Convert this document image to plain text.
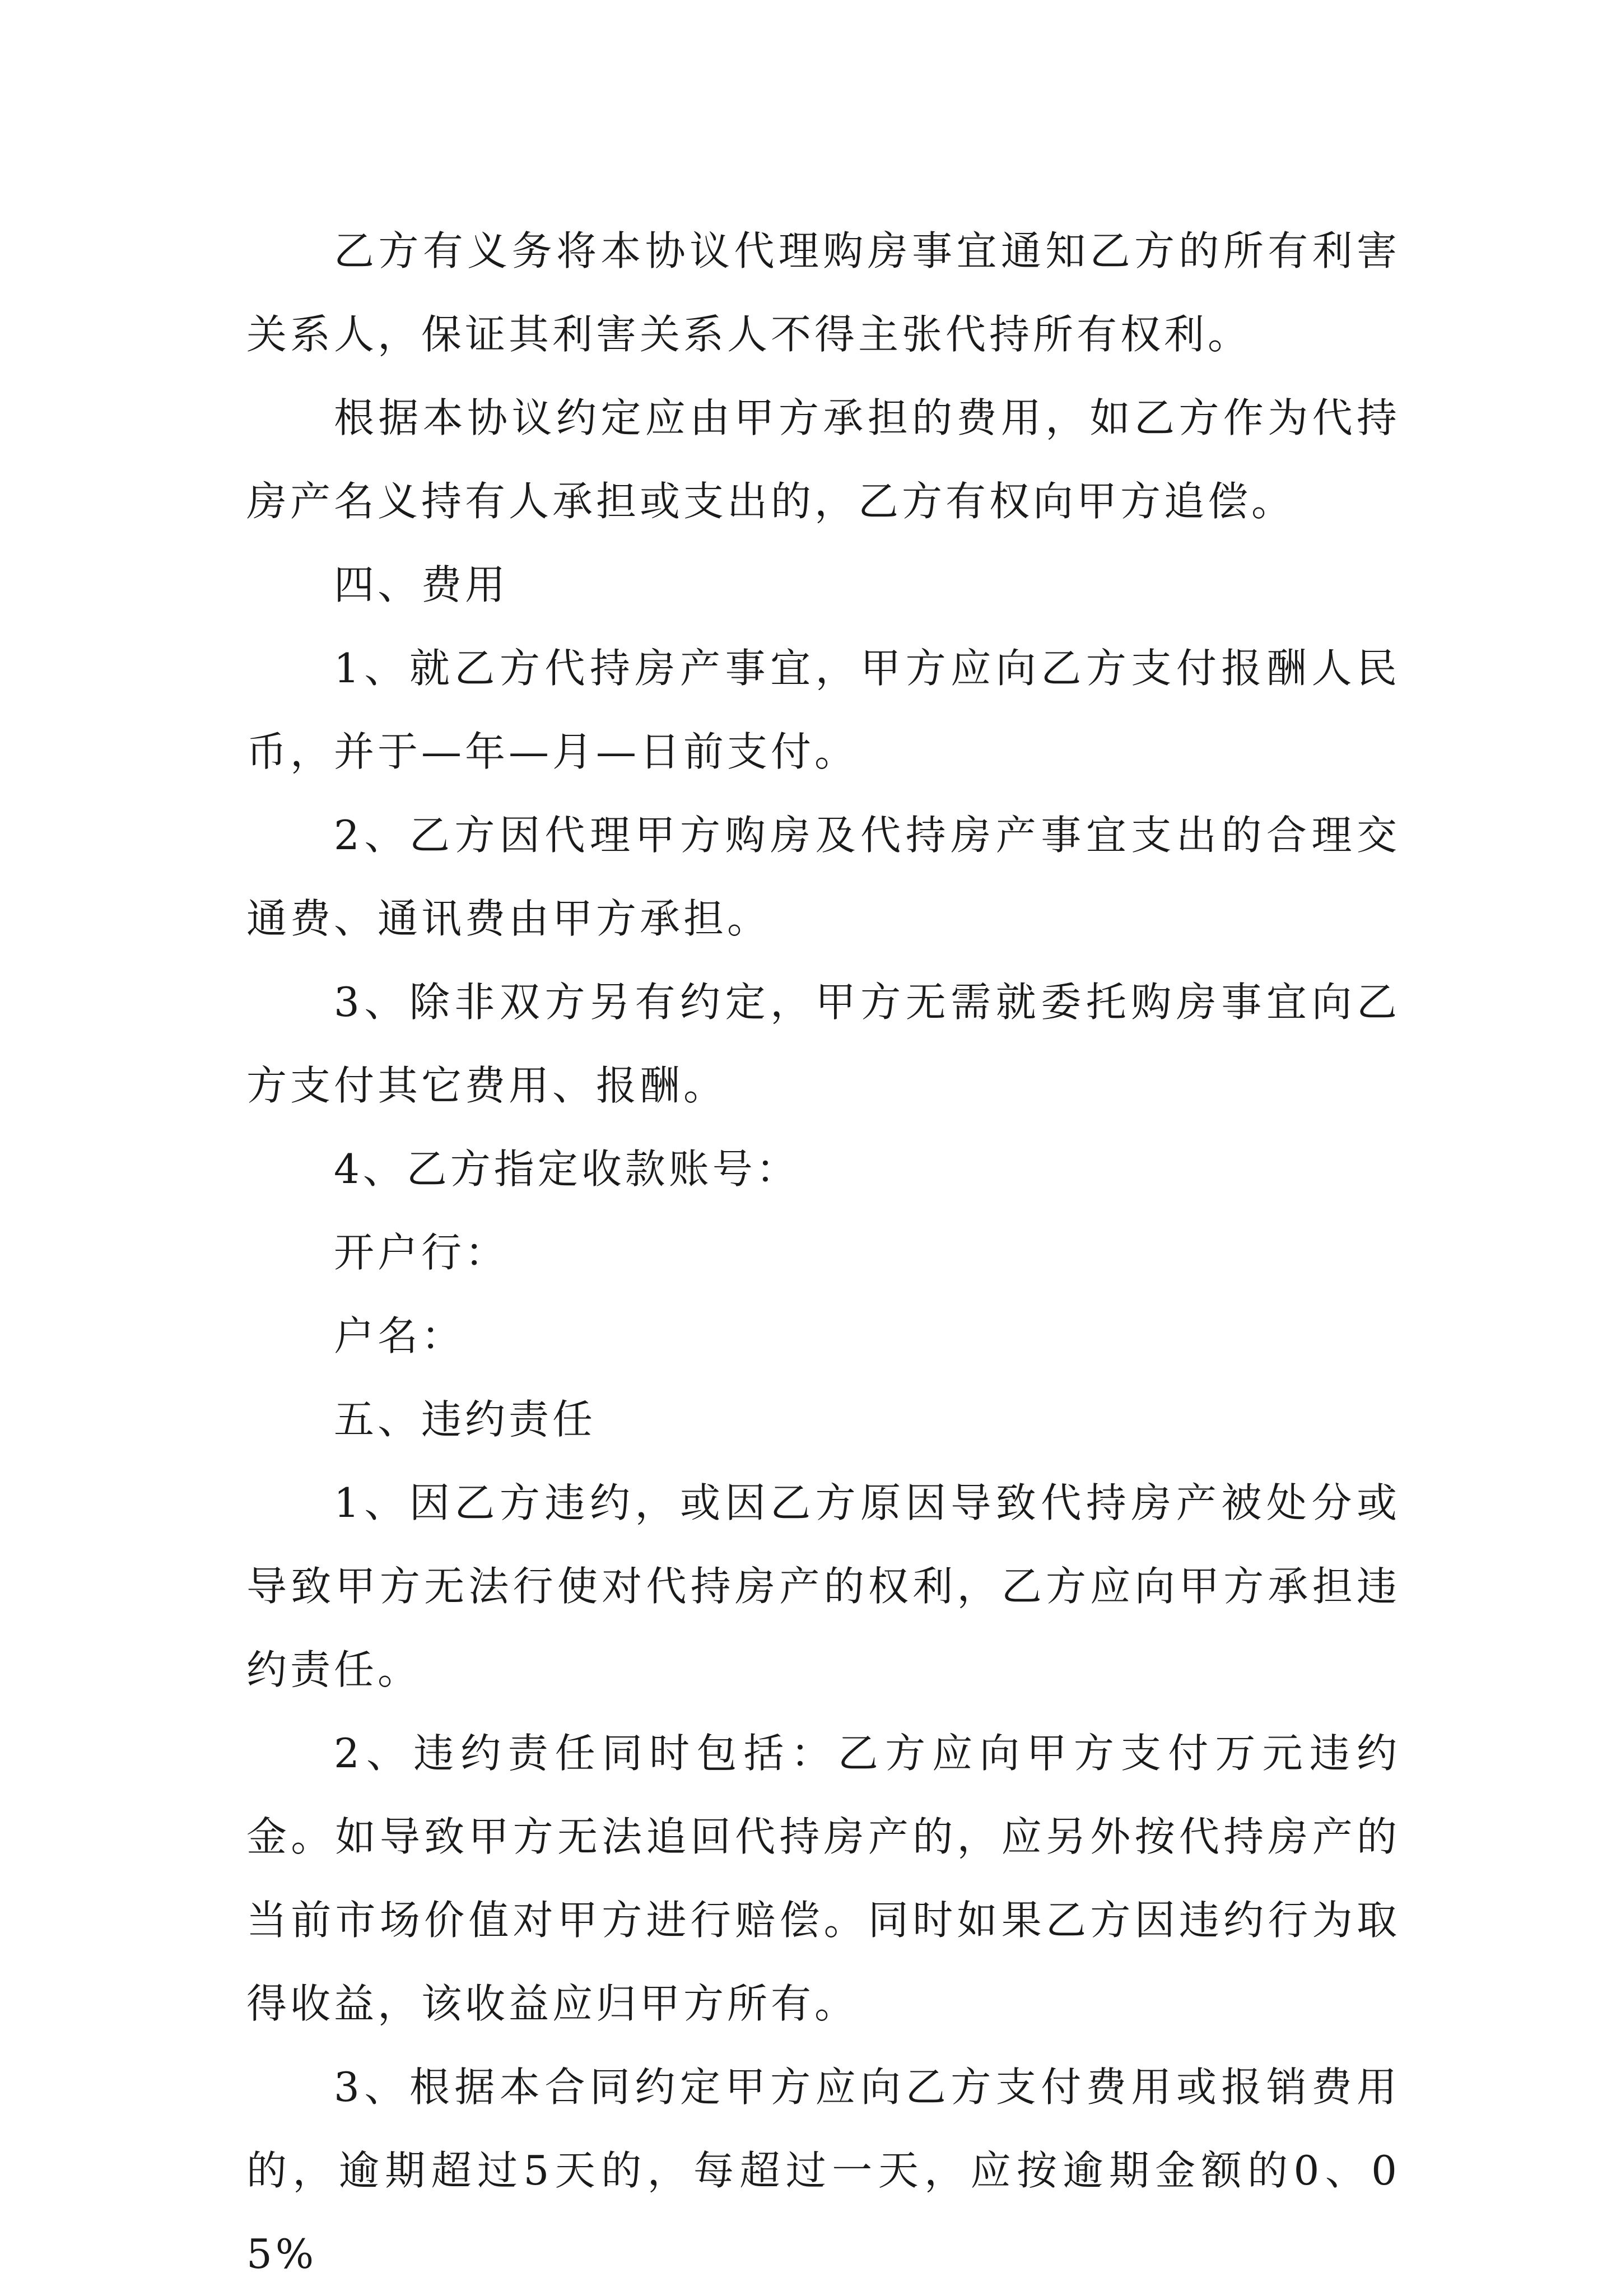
乙方有义务将本协议代理购房事宜通知乙方的所有利害关系人，保证其利害关系人不得主张代持所有权利。

根据本协议约定应由甲方承担的费用，如乙方作为代持房产名义持有人承担或支出的，乙方有权向甲方追偿。

四、费用

1、就乙方代持房产事宜，甲方应向乙方支付报酬人民币，并于—年—月—日前支付。

2、乙方因代理甲方购房及代持房产事宜支出的合理交通费、通讯费由甲方承担。

3、除非双方另有约定，甲方无需就委托购房事宜向乙方支付其它费用、报酬。

4、乙方指定收款账号：

开户行：

户名：

五、违约责任

1、因乙方违约，或因乙方原因导致代持房产被处分或导致甲方无法行使对代持房产的权利，乙方应向甲方承担违约责任。

2、违约责任同时包括：乙方应向甲方支付万元违约金。如导致甲方无法追回代持房产的，应另外按代持房产的当前市场价值对甲方进行赔偿。同时如果乙方因违约行为取得收益，该收益应归甲方所有。

3、根据本合同约定甲方应向乙方支付费用或报销费用的，逾期超过5天的，每超过一天，应按逾期金额的0、05%
